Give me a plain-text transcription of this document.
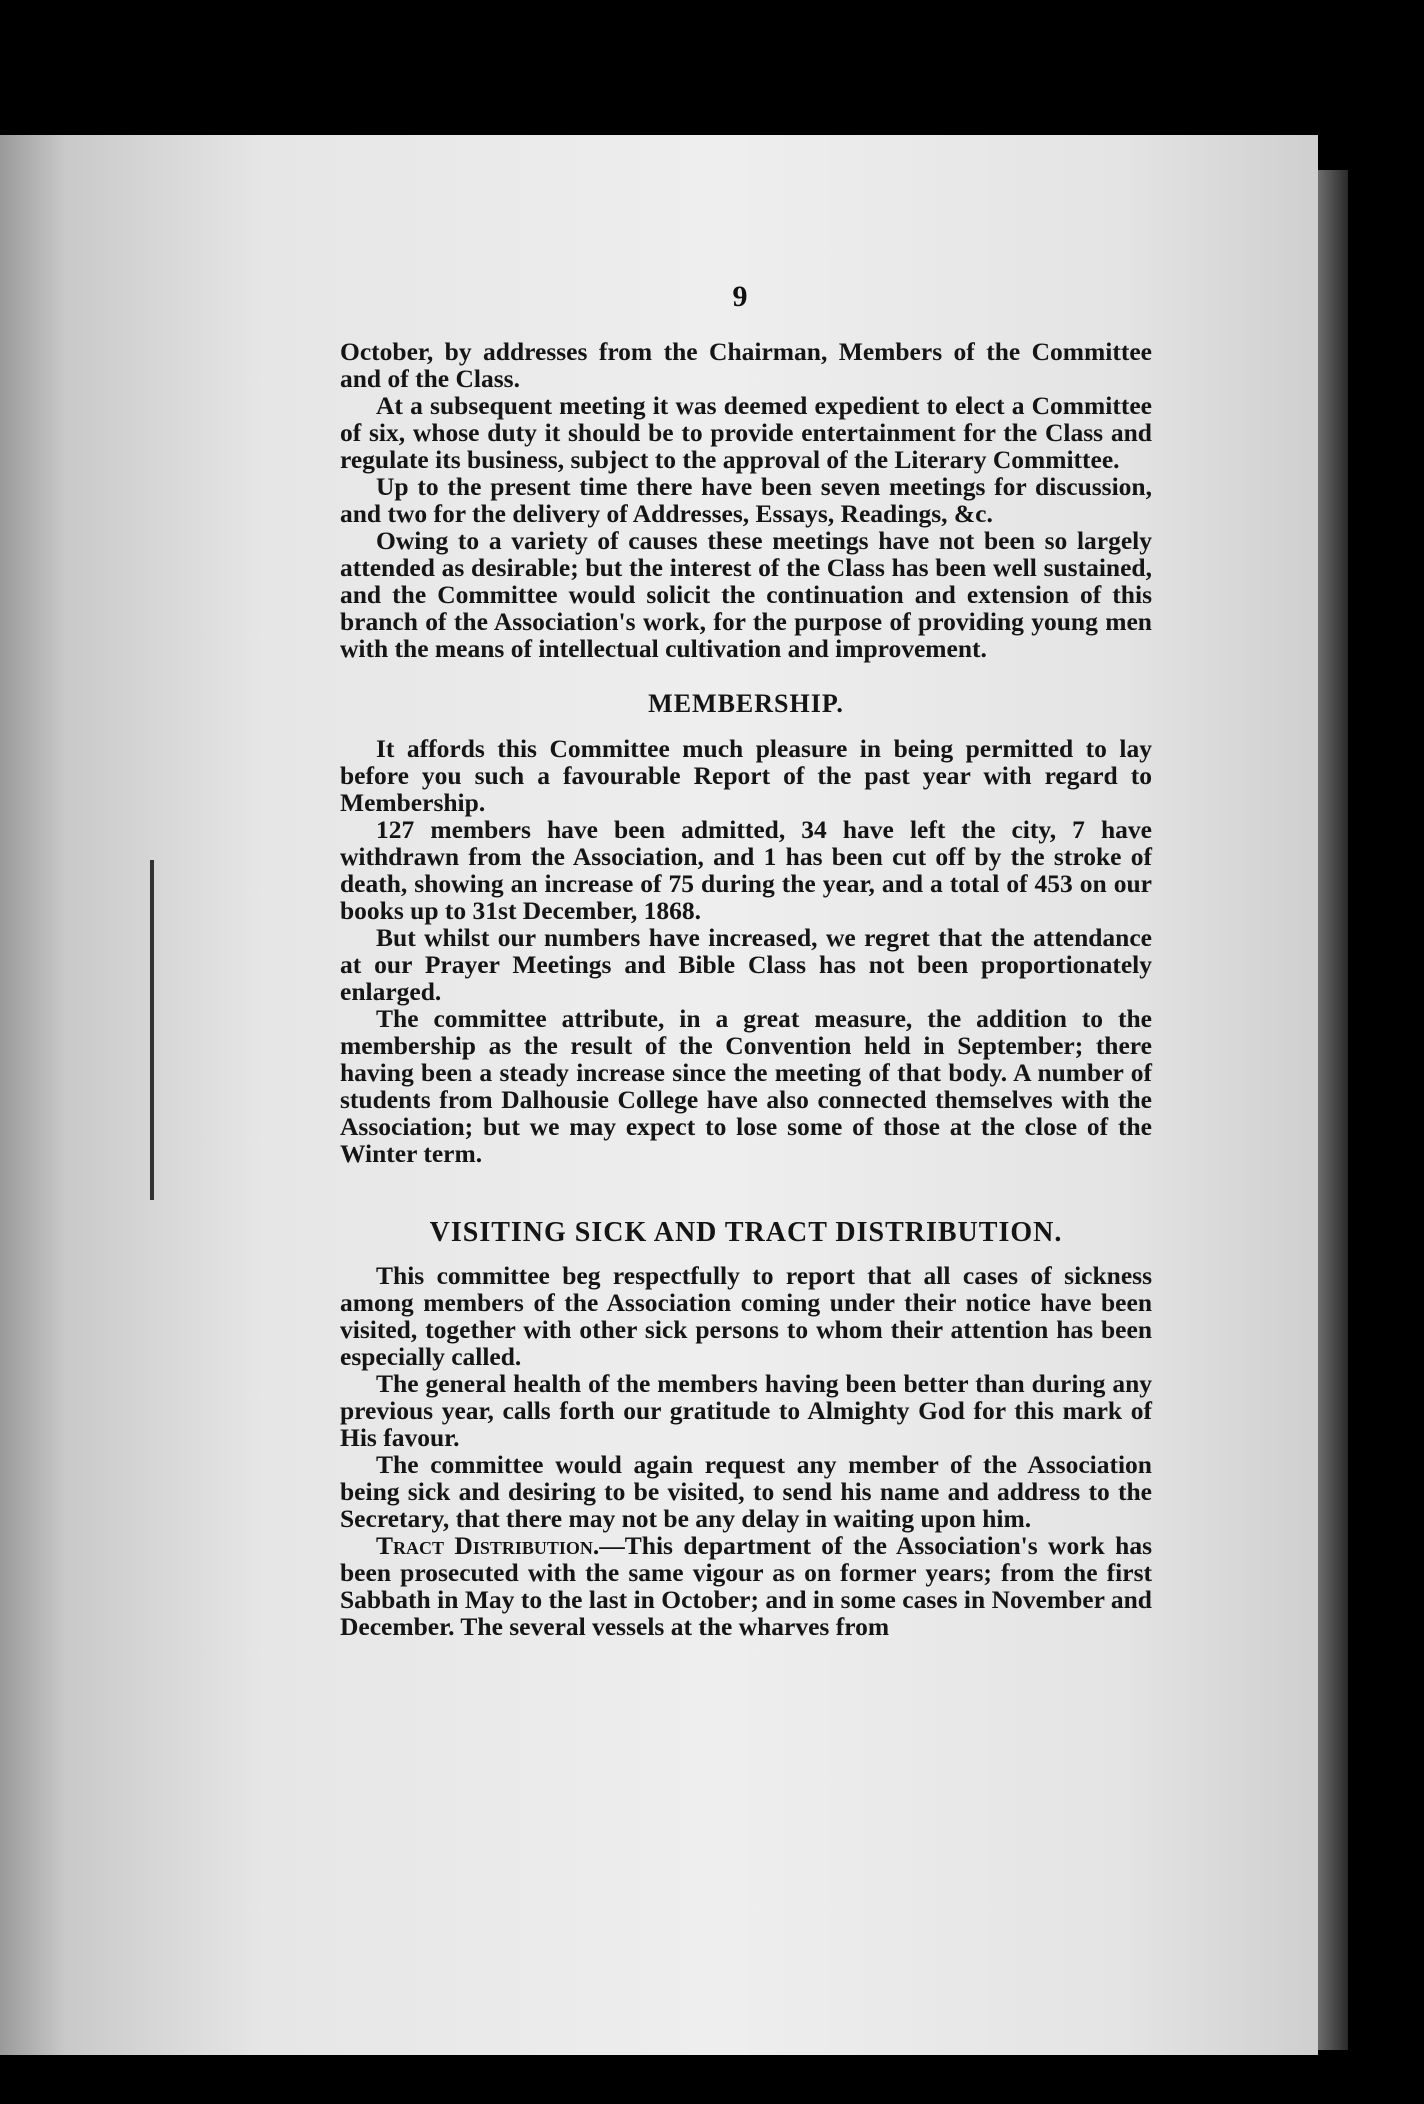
9

October, by addresses from the Chairman, Members of the Committee and of the Class.

At a subsequent meeting it was deemed expedient to elect a Committee of six, whose duty it should be to provide entertainment for the Class and regulate its business, subject to the approval of the Literary Committee.

Up to the present time there have been seven meetings for discussion, and two for the delivery of Addresses, Essays, Readings, &c.

Owing to a variety of causes these meetings have not been so largely attended as desirable; but the interest of the Class has been well sustained, and the Committee would solicit the continuation and extension of this branch of the Association's work, for the purpose of providing young men with the means of intellectual cultivation and improvement.

MEMBERSHIP.

It affords this Committee much pleasure in being permitted to lay before you such a favourable Report of the past year with regard to Membership.

127 members have been admitted, 34 have left the city, 7 have withdrawn from the Association, and 1 has been cut off by the stroke of death, showing an increase of 75 during the year, and a total of 453 on our books up to 31st December, 1868.

But whilst our numbers have increased, we regret that the attendance at our Prayer Meetings and Bible Class has not been proportionately enlarged.

The committee attribute, in a great measure, the addition to the membership as the result of the Convention held in September; there having been a steady increase since the meeting of that body. A number of students from Dalhousie College have also connected themselves with the Association; but we may expect to lose some of those at the close of the Winter term.

VISITING SICK AND TRACT DISTRIBUTION.

This committee beg respectfully to report that all cases of sickness among members of the Association coming under their notice have been visited, together with other sick persons to whom their attention has been especially called.

The general health of the members having been better than during any previous year, calls forth our gratitude to Almighty God for this mark of His favour.

The committee would again request any member of the Association being sick and desiring to be visited, to send his name and address to the Secretary, that there may not be any delay in waiting upon him.

Tract Distribution.—This department of the Association's work has been prosecuted with the same vigour as on former years; from the first Sabbath in May to the last in October; and in some cases in November and December. The several vessels at the wharves from
